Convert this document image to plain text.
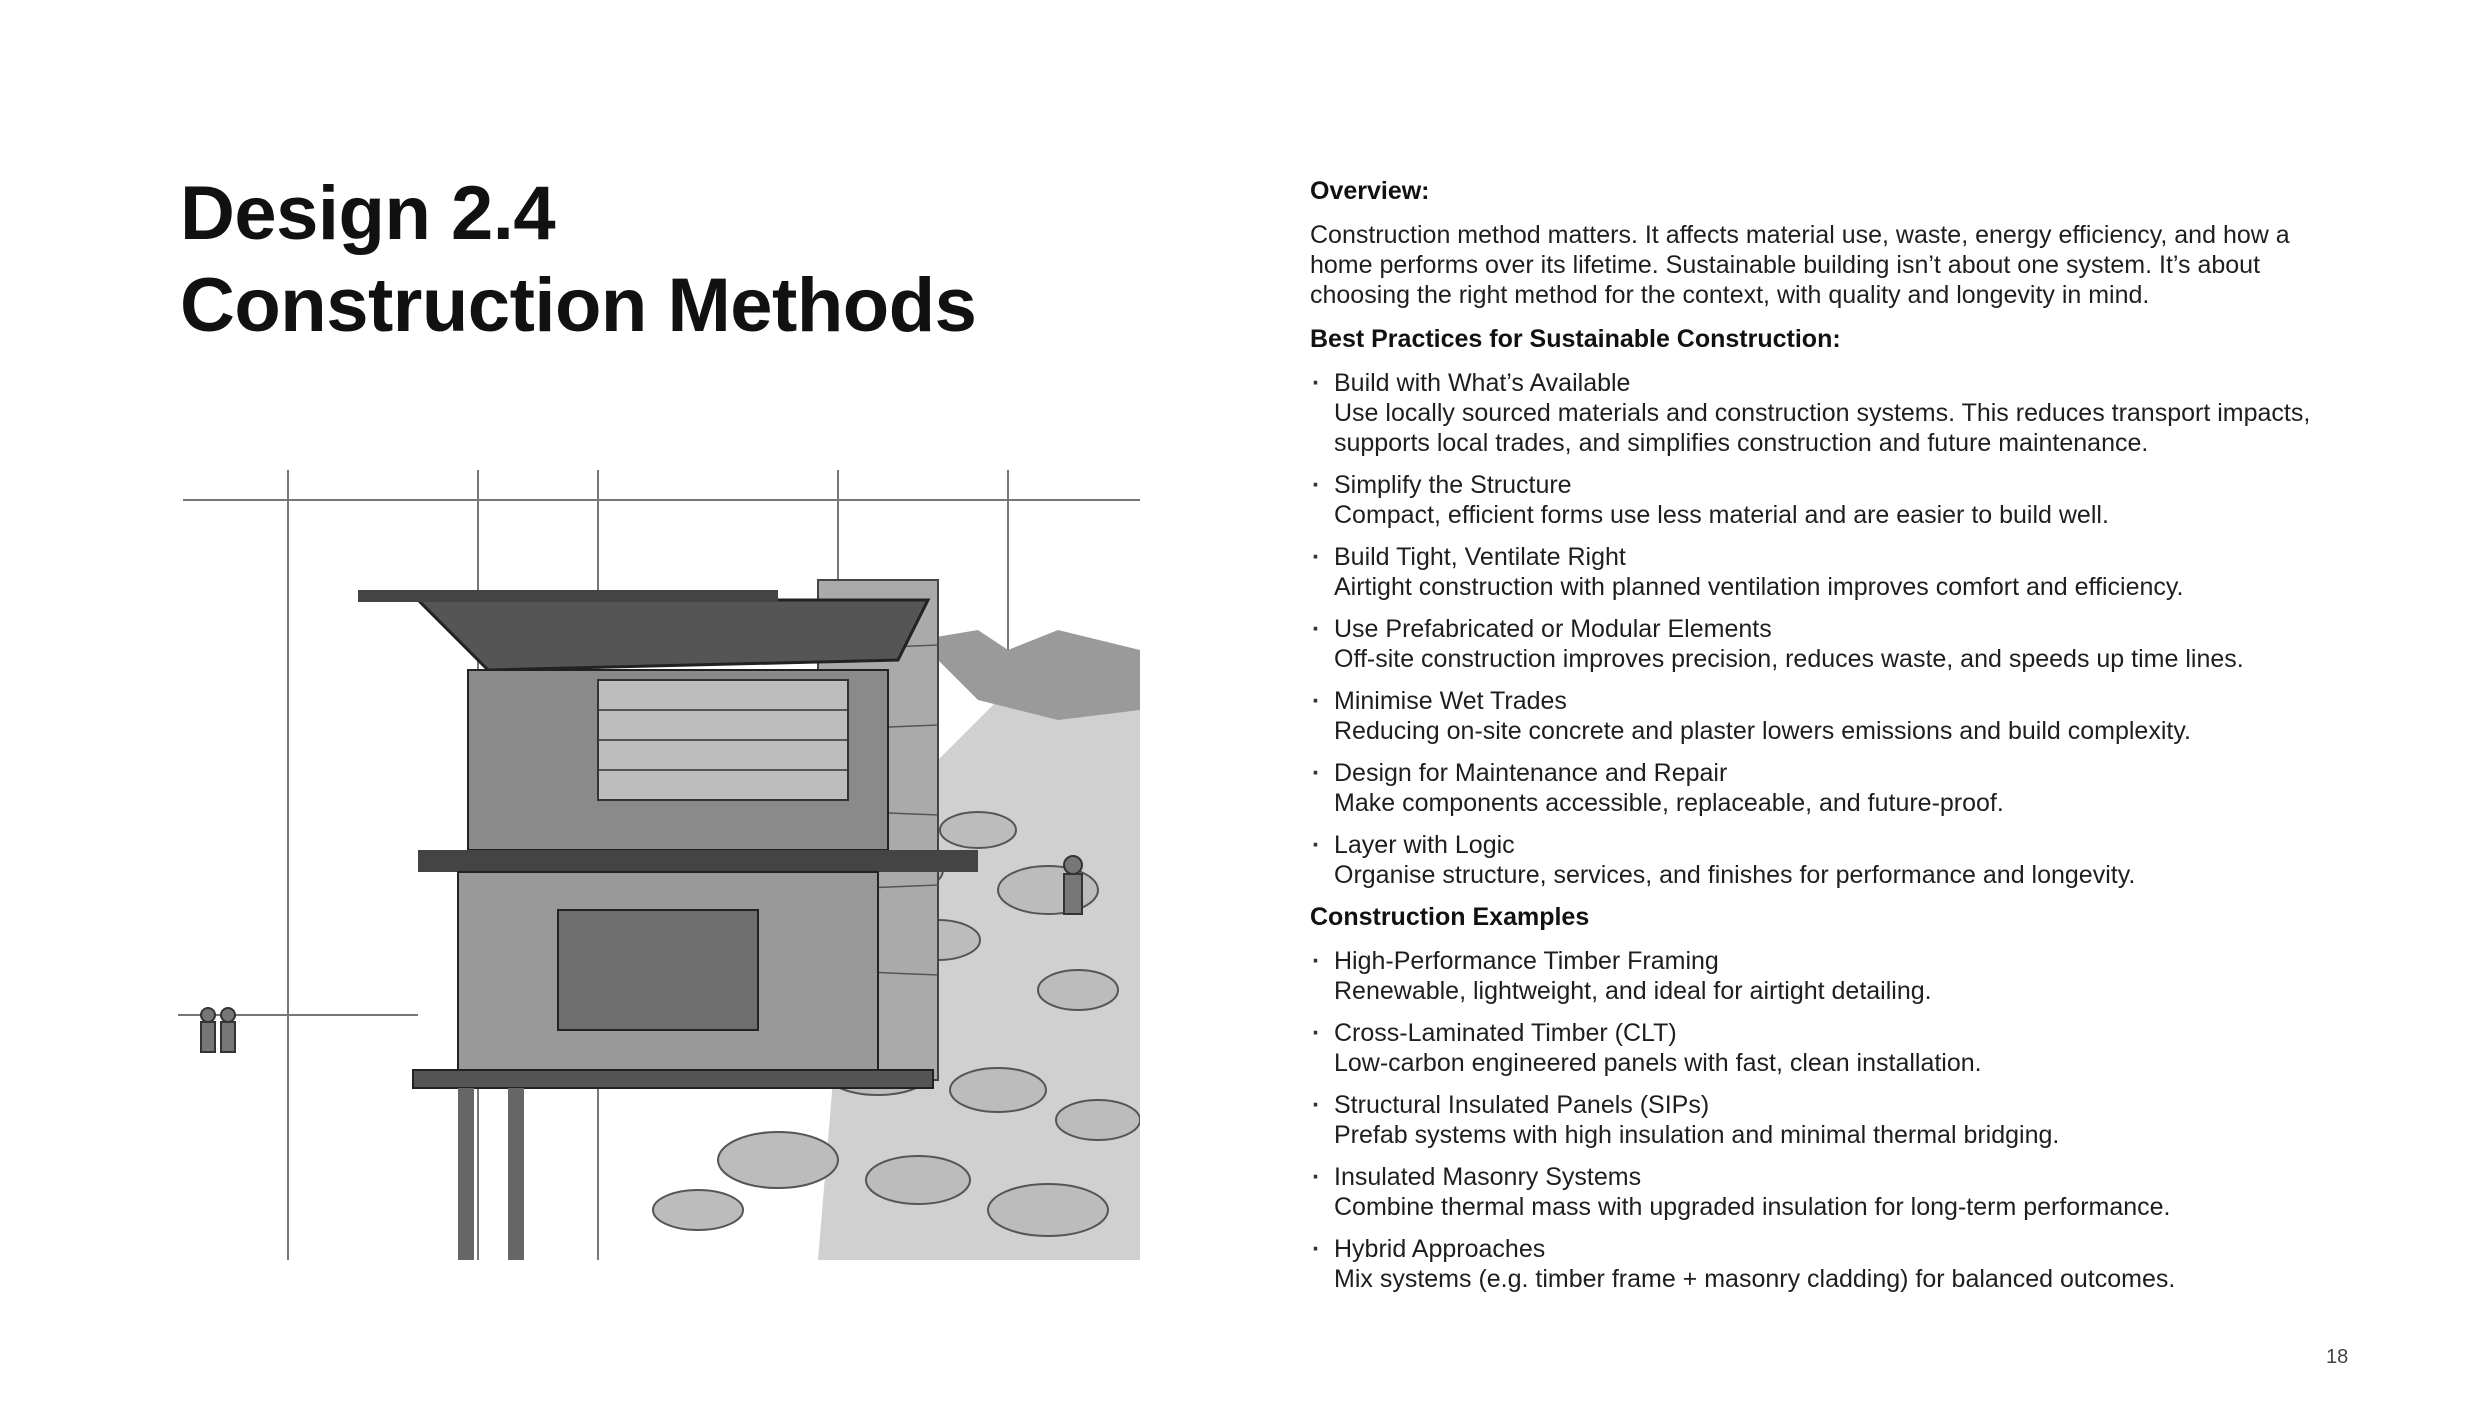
Design 2.4
Construction Methods
Overview:
Construction method matters. It affects material use, waste, energy efficiency, and how a home performs over its lifetime. Sustainable building isn’t about one system. It’s about choosing the right method for the context, with quality and longevity in mind.
Best Practices for Sustainable Construction:
· Build with What’s Available
Use locally sourced materials and construction systems. This reduces transport impacts, supports local trades, and simplifies construction and future maintenance.
· Simplify the Structure
Compact, efficient forms use less material and are easier to build well.
· Build Tight, Ventilate Right
Airtight construction with planned ventilation improves comfort and efficiency.
· Use Prefabricated or Modular Elements
Off-site construction improves precision, reduces waste, and speeds up time lines.
· Minimise Wet Trades
Reducing on-site concrete and plaster lowers emissions and build complexity.
· Design for Maintenance and Repair
Make components accessible, replaceable, and future-proof.
· Layer with Logic
Organise structure, services, and finishes for performance and longevity.
Construction Examples
· High-Performance Timber Framing
Renewable, lightweight, and ideal for airtight detailing.
· Cross-Laminated Timber (CLT)
Low-carbon engineered panels with fast, clean installation.
· Structural Insulated Panels (SIPs)
Prefab systems with high insulation and minimal thermal bridging.
· Insulated Masonry Systems
Combine thermal mass with upgraded insulation for long-term performance.
· Hybrid Approaches
Mix systems (e.g. timber frame + masonry cladding) for balanced outcomes.
18
